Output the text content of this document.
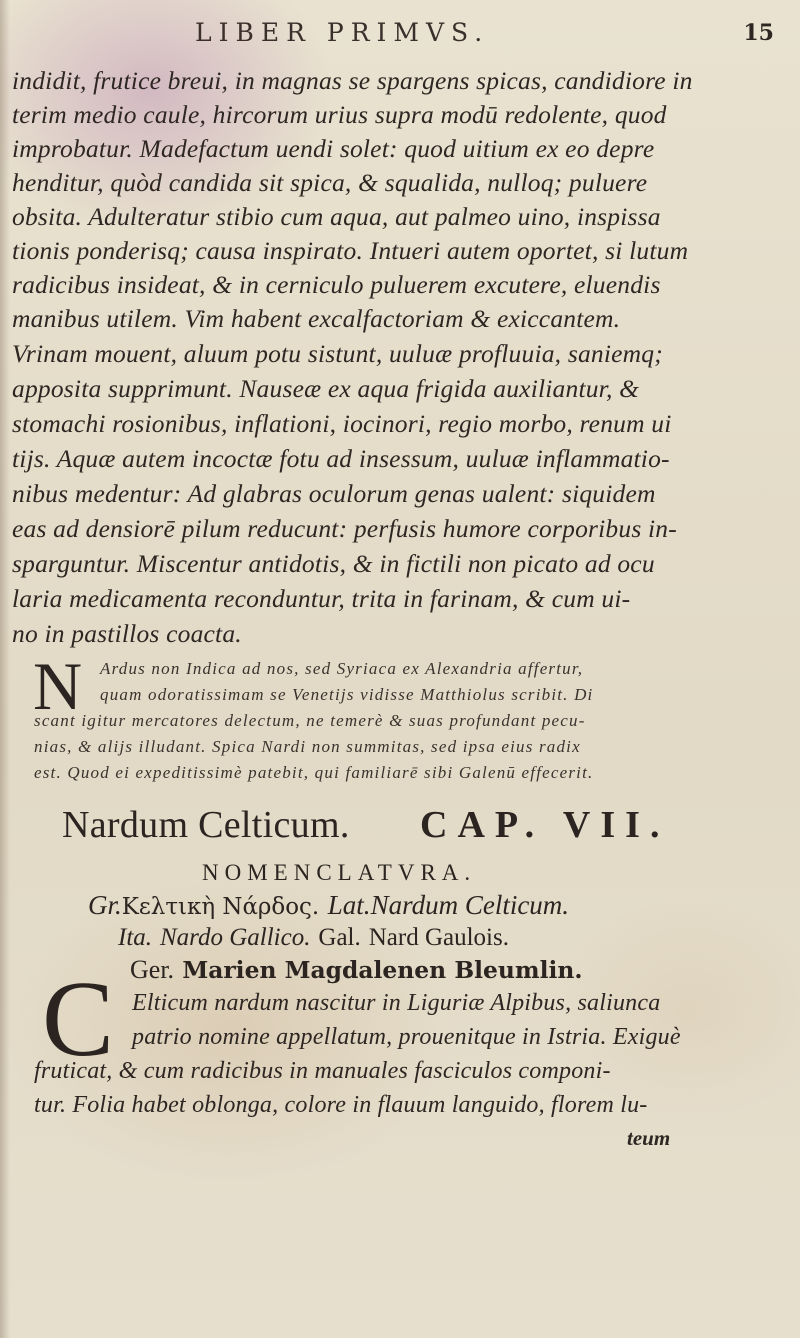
LIBER PRIMVS.	15
indidit, frutice breui, in magnas se spargens spicas, candidiore in
terim medio caule, hircorum urius supra modū redolente, quod
improbatur. Madefactum uendi solet: quod uitium ex eo depre
henditur, quòd candida sit spica, & squalida, nulloq; puluere
obsita. Adulteratur stibio cum aqua, aut palmeo uino, inspissa
tionis ponderisq; causa inspirato. Intueri autem oportet, si lutum
radicibus insideat, & in cerniculo puluerem excutere, eluendis
manibus utilem. Vim habent excalfactoriam & exiccantem.
Vrinam mouent, aluum potu sistunt, uuluæ profluuia, saniemq;
apposita supprimunt. Nauseæ ex aqua frigida auxiliantur, &
stomachi rosionibus, inflationi, iocinori, regio morbo, renum ui
tijs. Aquæ autem incoctæ fotu ad insessum, uuluæ inflammatio-
nibus medentur: Ad glabras oculorum genas ualent: siquidem
eas ad densiorē pilum reducunt: perfusis humore corporibus in-
sparguntur. Miscentur antidotis, & in fictili non picato ad ocu
laria medicamenta reconduntur, trita in farinam, & cum ui-
no in pastillos coacta.
N Ardus non Indica ad nos, sed Syriaca ex Alexandria affertur,
quam odoratissimam se Venetijs vidisse Matthiolus scribit. Di
scant igitur mercatores delectum, ne temerè & suas profundant pecu-
nias, & alijs illudant. Spica Nardi non summitas, sed ipsa eius radix
est. Quod ei expeditissimè patebit, qui familiarē sibi Galenū effecerit.
Nardum Celticum. CAP. VII.
NOMENCLATVRA.
Gr.Κελτικὴ Νάρδος. Lat.Nardum Celticum.
Ita. Nardo Gallico. Gal. Nard Gaulois.
Ger. Marien Magdalenen Bleumlin.
C Elticum nardum nascitur in Liguriæ Alpibus, saliunca
patrio nomine appellatum, prouenitque in Istria. Exiguè
fruticat, & cum radicibus in manuales fasciculos componi-
tur. Folia habet oblonga, colore in flauum languido, florem lu-
teum
